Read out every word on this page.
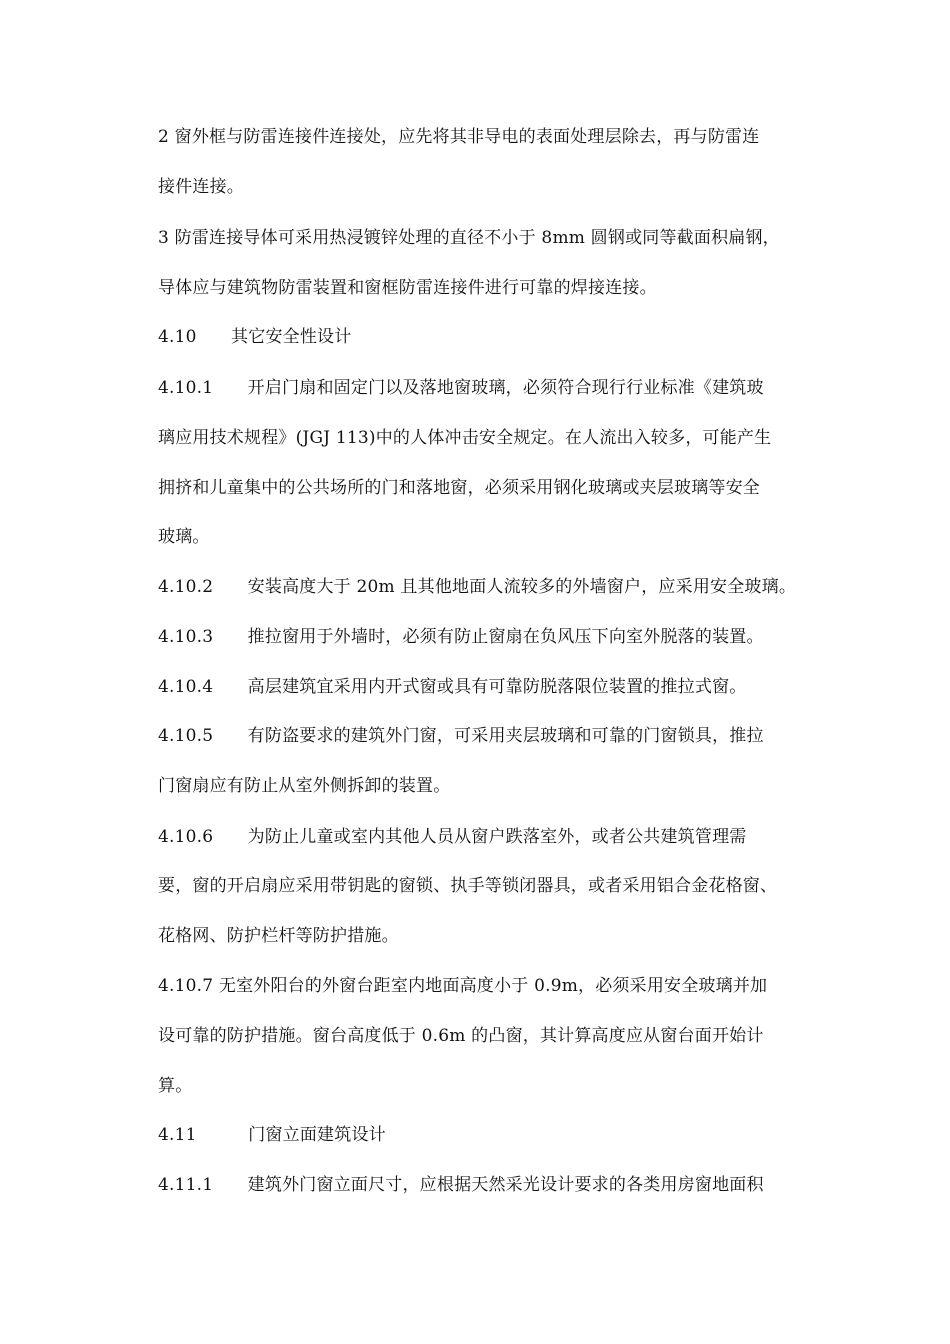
2 窗外框与防雷连接件连接处，应先将其非导电的表面处理层除去，再与防雷连
接件连接。
3 防雷连接导体可采用热浸镀锌处理的直径不小于 8mm 圆钢或同等截面积扁钢，
导体应与建筑物防雷装置和窗框防雷连接件进行可靠的焊接连接。
4.10　　其它安全性设计
4.10.1　　开启门扇和固定门以及落地窗玻璃，必须符合现行行业标准《建筑玻
璃应用技术规程》(JGJ 113)中的人体冲击安全规定。在人流出入较多，可能产生
拥挤和儿童集中的公共场所的门和落地窗，必须采用钢化玻璃或夹层玻璃等安全
玻璃。
4.10.2　　安装高度大于 20m 且其他地面人流较多的外墙窗户，应采用安全玻璃。
4.10.3　　推拉窗用于外墙时，必须有防止窗扇在负风压下向室外脱落的装置。
4.10.4　　高层建筑宜采用内开式窗或具有可靠防脱落限位装置的推拉式窗。
4.10.5　　有防盗要求的建筑外门窗，可采用夹层玻璃和可靠的门窗锁具，推拉
门窗扇应有防止从室外侧拆卸的装置。
4.10.6　　为防止儿童或室内其他人员从窗户跌落室外，或者公共建筑管理需
要，窗的开启扇应采用带钥匙的窗锁、执手等锁闭器具，或者采用铝合金花格窗、
花格网、防护栏杆等防护措施。
4.10.7 无室外阳台的外窗台距室内地面高度小于 0.9m，必须采用安全玻璃并加
设可靠的防护措施。窗台高度低于 0.6m 的凸窗，其计算高度应从窗台面开始计
算。
4.11　　　门窗立面建筑设计
4.11.1　　建筑外门窗立面尺寸，应根据天然采光设计要求的各类用房窗地面积
